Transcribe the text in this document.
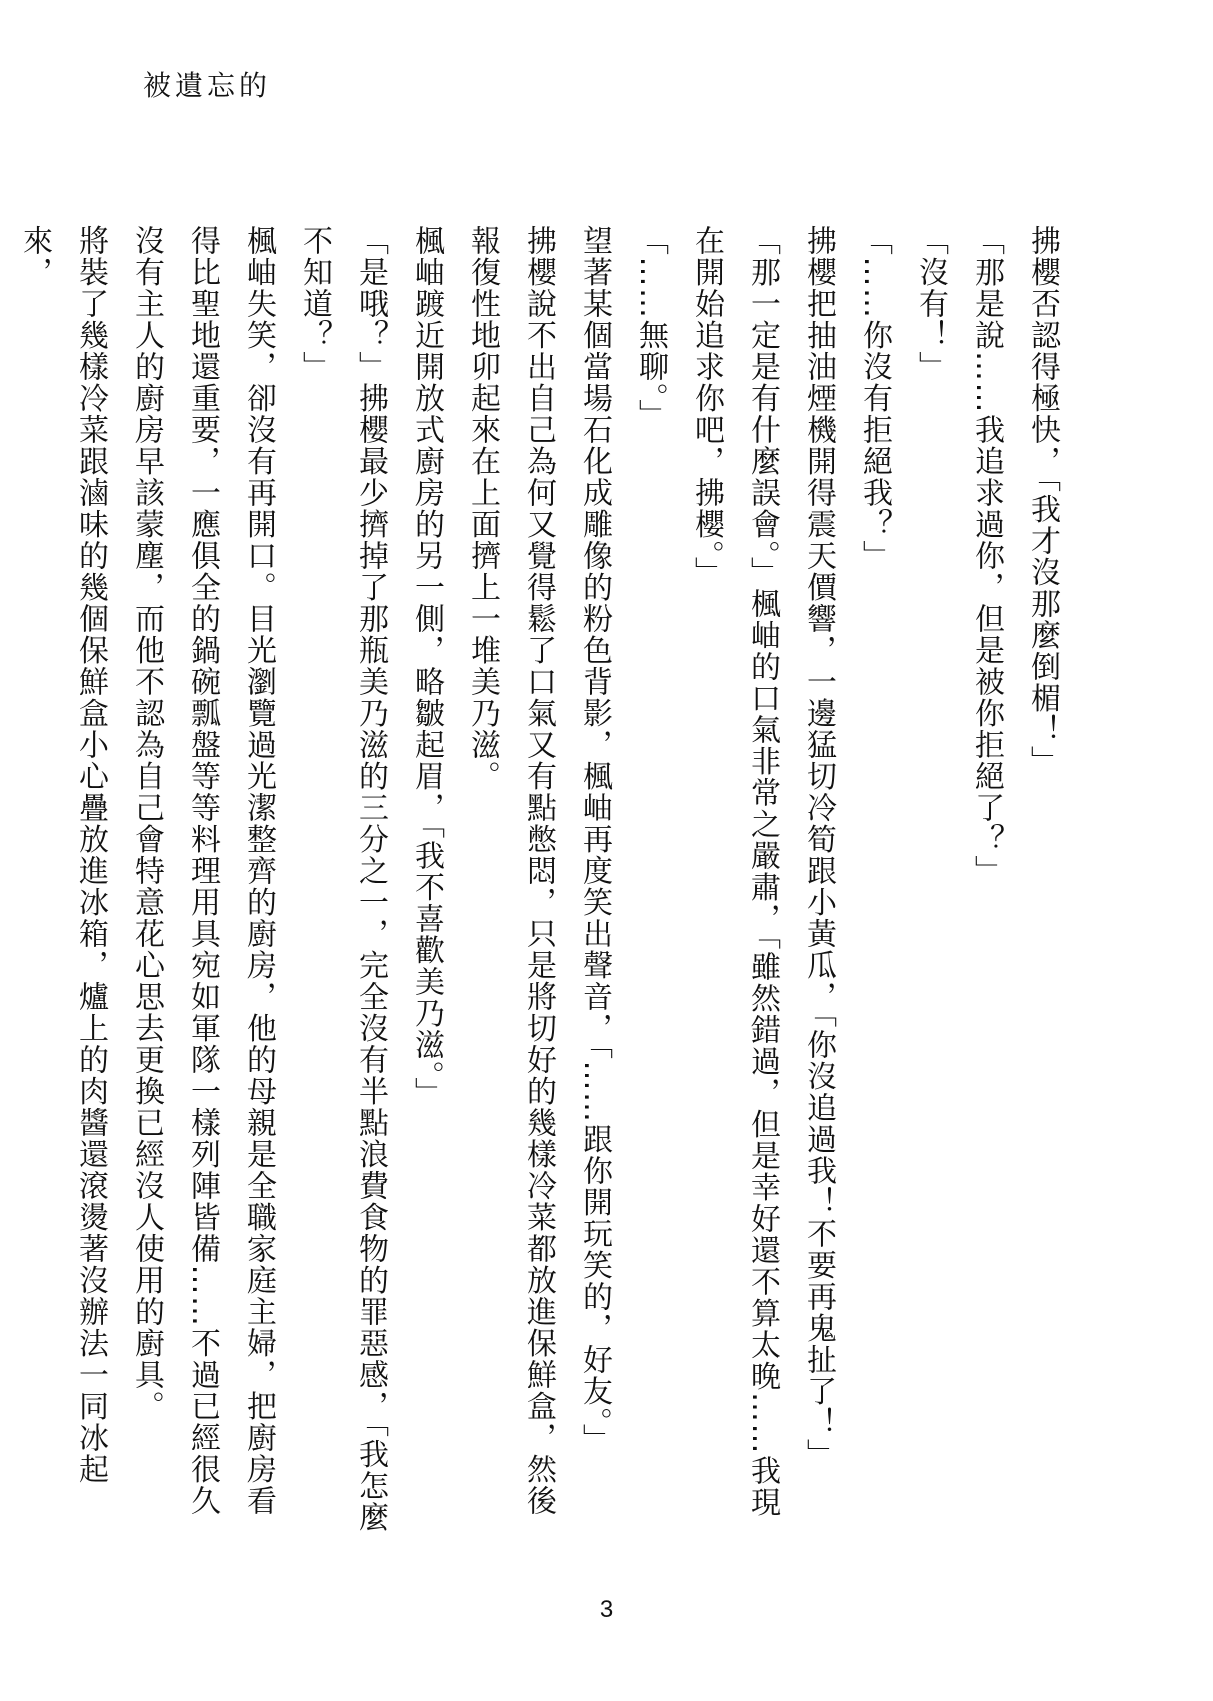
被遺忘的

拂櫻否認得極快，「我才沒那麼倒楣！」

「那是說……我追求過你，但是被你拒絕了？」

「沒有！」

「……你沒有拒絕我？」

拂櫻把抽油煙機開得震天價響，一邊猛切冷筍跟小黃瓜，「你沒追過我！不要再鬼扯了！」

「那一定是有什麼誤會。」楓岫的口氣非常之嚴肅，「雖然錯過，但是幸好還不算太晚……我現在開始追求你吧，拂櫻。」

「……無聊。」

望著某個當場石化成雕像的粉色背影，楓岫再度笑出聲音，「……跟你開玩笑的，好友。」

拂櫻說不出自己為何又覺得鬆了口氣又有點憋悶，只是將切好的幾樣冷菜都放進保鮮盒，然後報復性地卯起來在上面擠上一堆美乃滋。

楓岫踱近開放式廚房的另一側，略皺起眉，「我不喜歡美乃滋。」

「是哦？」拂櫻最少擠掉了那瓶美乃滋的三分之一，完全沒有半點浪費食物的罪惡感，「我怎麼不知道？」

楓岫失笑，卻沒有再開口。目光瀏覽過光潔整齊的廚房，他的母親是全職家庭主婦，把廚房看得比聖地還重要，一應俱全的鍋碗瓢盤等等料理用具宛如軍隊一樣列陣皆備……不過已經很久沒有主人的廚房早該蒙塵，而他不認為自己會特意花心思去更換已經沒人使用的廚具。

將裝了幾樣冷菜跟滷味的幾個保鮮盒小心疊放進冰箱，爐上的肉醬還滾燙著沒辦法一同冰起來，

3
